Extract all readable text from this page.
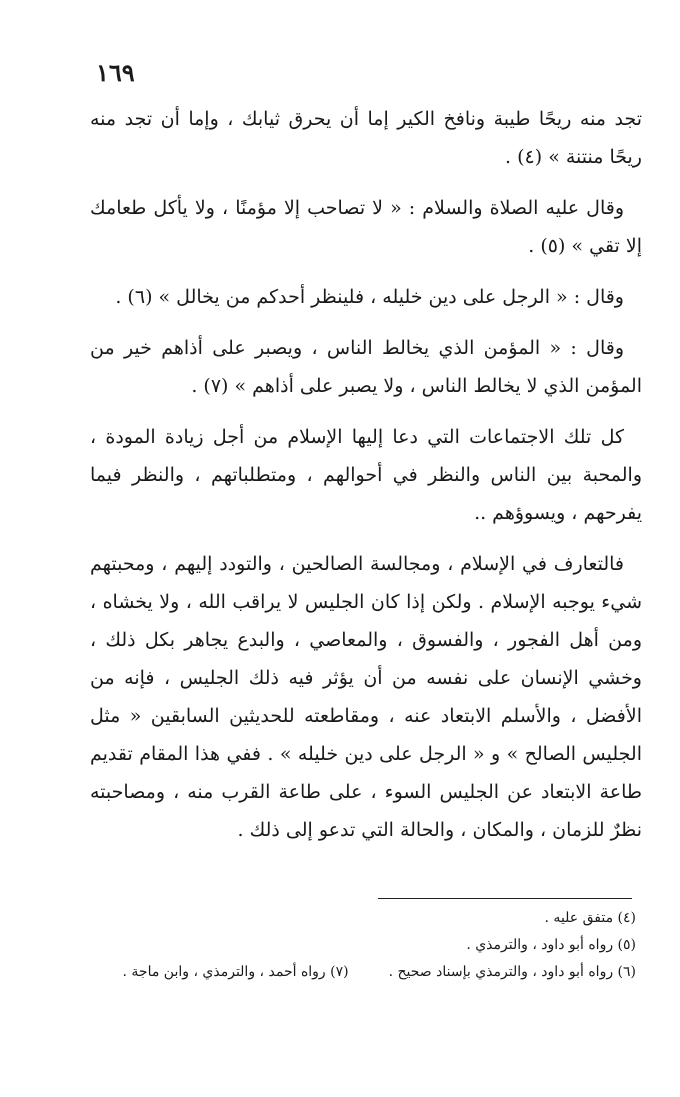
١٦٩

تجد منه ريحًا طيبة ونافخ الكير إما أن يحرق ثيابك ، وإما أن تجد منه ريحًا منتنة » (٤) .

وقال عليه الصلاة والسلام : « لا تصاحب إلا مؤمنًا ، ولا يأكل طعامك إلا تقي » (٥) .

وقال : « الرجل على دين خليله ، فلينظر أحدكم من يخالل » (٦) .

وقال : « المؤمن الذي يخالط الناس ، ويصبر على أذاهم خير من المؤمن الذي لا يخالط الناس ، ولا يصبر على أذاهم » (٧) .

كل تلك الاجتماعات التي دعا إليها الإسلام من أجل زيادة المودة ، والمحبة بين الناس والنظر في أحوالهم ، ومتطلباتهم ، والنظر فيما يفرحهم ، ويسوؤهم ..

فالتعارف في الإسلام ، ومجالسة الصالحين ، والتودد إليهم ، ومحبتهم شيء يوجبه الإسلام . ولكن إذا كان الجليس لا يراقب الله ، ولا يخشاه ، ومن أهل الفجور ، والفسوق ، والمعاصي ، والبدع يجاهر بكل ذلك ، وخشي الإنسان على نفسه من أن يؤثر فيه ذلك الجليس ، فإنه من الأفضل ، والأسلم الابتعاد عنه ، ومقاطعته للحديثين السابقين « مثل الجليس الصالح » و « الرجل على دين خليله » . ففي هذا المقام تقديم طاعة الابتعاد عن الجليس السوء ، على طاعة القرب منه ، ومصاحبته نظرٌ للزمان ، والمكان ، والحالة التي تدعو إلى ذلك .

(٤) متفق عليه .
(٥) رواه أبو داود ، والترمذي .
(٦) رواه أبو داود ، والترمذي بإسناد صحيح .
(٧) رواه أحمد ، والترمذي ، وابن ماجة .
